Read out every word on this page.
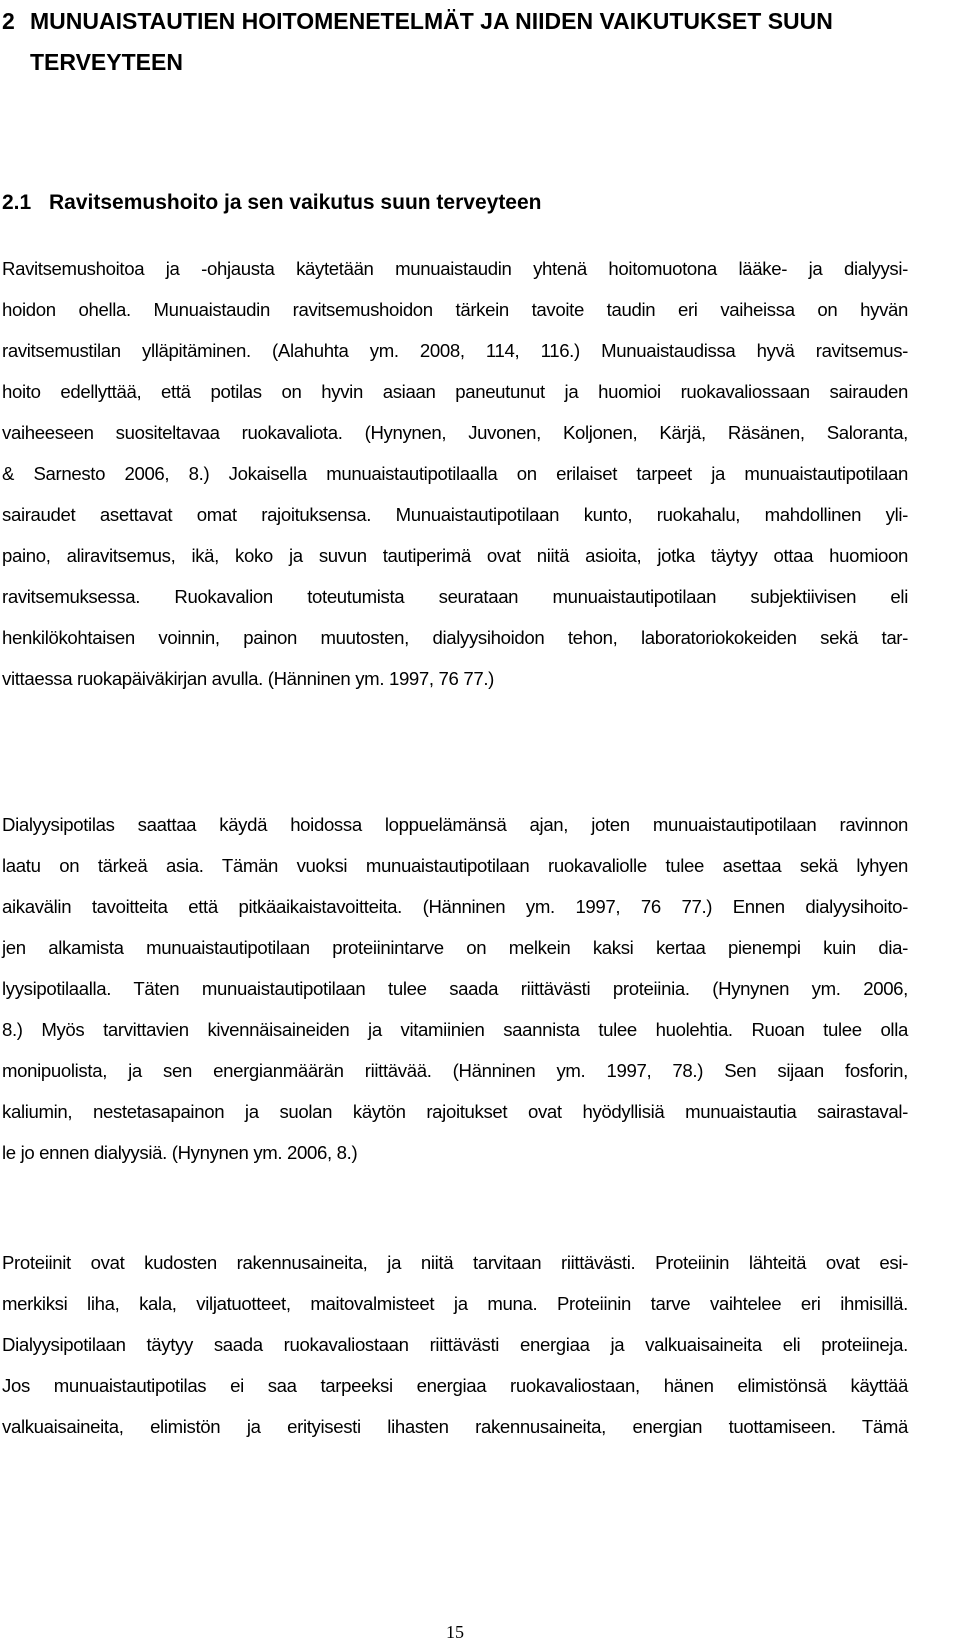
2 MUNUAISTAUTIEN HOITOMENETELMÄT JA NIIDEN VAIKUTUKSET SUUN
TERVEYTEEN
2.1 Ravitsemushoito ja sen vaikutus suun terveyteen

Ravitsemushoitoa ja -ohjausta käytetään munuaistaudin yhtenä hoitomuotona lääke- ja dialyysi-
hoidon ohella. Munuaistaudin ravitsemushoidon tärkein tavoite taudin eri vaiheissa on hyvän
ravitsemustilan ylläpitäminen. (Alahuhta ym. 2008, 114, 116.) Munuaistaudissa hyvä ravitsemus-
hoito edellyttää, että potilas on hyvin asiaan paneutunut ja huomioi ruokavaliossaan sairauden
vaiheeseen suositeltavaa ruokavaliota. (Hynynen, Juvonen, Koljonen, Kärjä, Räsänen, Saloranta,
& Sarnesto 2006, 8.) Jokaisella munuaistautipotilaalla on erilaiset tarpeet ja munuaistautipotilaan
sairaudet asettavat omat rajoituksensa. Munuaistautipotilaan kunto, ruokahalu, mahdollinen yli-
paino, aliravitsemus, ikä, koko ja suvun tautiperimä ovat niitä asioita, jotka täytyy ottaa huomioon
ravitsemuksessa. Ruokavalion toteutumista seurataan munuaistautipotilaan subjektiivisen eli
henkilökohtaisen voinnin, painon muutosten, dialyysihoidon tehon, laboratoriokokeiden sekä tar-
vittaessa ruokapäiväkirjan avulla. (Hänninen ym. 1997, 76 77.)

Dialyysipotilas saattaa käydä hoidossa loppuelämänsä ajan, joten munuaistautipotilaan ravinnon
laatu on tärkeä asia. Tämän vuoksi munuaistautipotilaan ruokavaliolle tulee asettaa sekä lyhyen
aikavälin tavoitteita että pitkäaikaistavoitteita. (Hänninen ym. 1997, 76 77.) Ennen dialyysihoito-
jen alkamista munuaistautipotilaan proteiinintarve on melkein kaksi kertaa pienempi kuin dia-
lyysipotilaalla. Täten munuaistautipotilaan tulee saada riittävästi proteiinia. (Hynynen ym. 2006,
8.) Myös tarvittavien kivennäisaineiden ja vitamiinien saannista tulee huolehtia. Ruoan tulee olla
monipuolista, ja sen energianmäärän riittävää. (Hänninen ym. 1997, 78.) Sen sijaan fosforin,
kaliumin, nestetasapainon ja suolan käytön rajoitukset ovat hyödyllisiä munuaistautia sairastaval-
le jo ennen dialyysiä. (Hynynen ym. 2006, 8.)

Proteiinit ovat kudosten rakennusaineita, ja niitä tarvitaan riittävästi. Proteiinin lähteitä ovat esi-
merkiksi liha, kala, viljatuotteet, maitovalmisteet ja muna. Proteiinin tarve vaihtelee eri ihmisillä.
Dialyysipotilaan täytyy saada ruokavaliostaan riittävästi energiaa ja valkuaisaineita eli proteiineja.
Jos munuaistautipotilas ei saa tarpeeksi energiaa ruokavaliostaan, hänen elimistönsä käyttää
valkuaisaineita, elimistön ja erityisesti lihasten rakennusaineita, energian tuottamiseen. Tämä

15
